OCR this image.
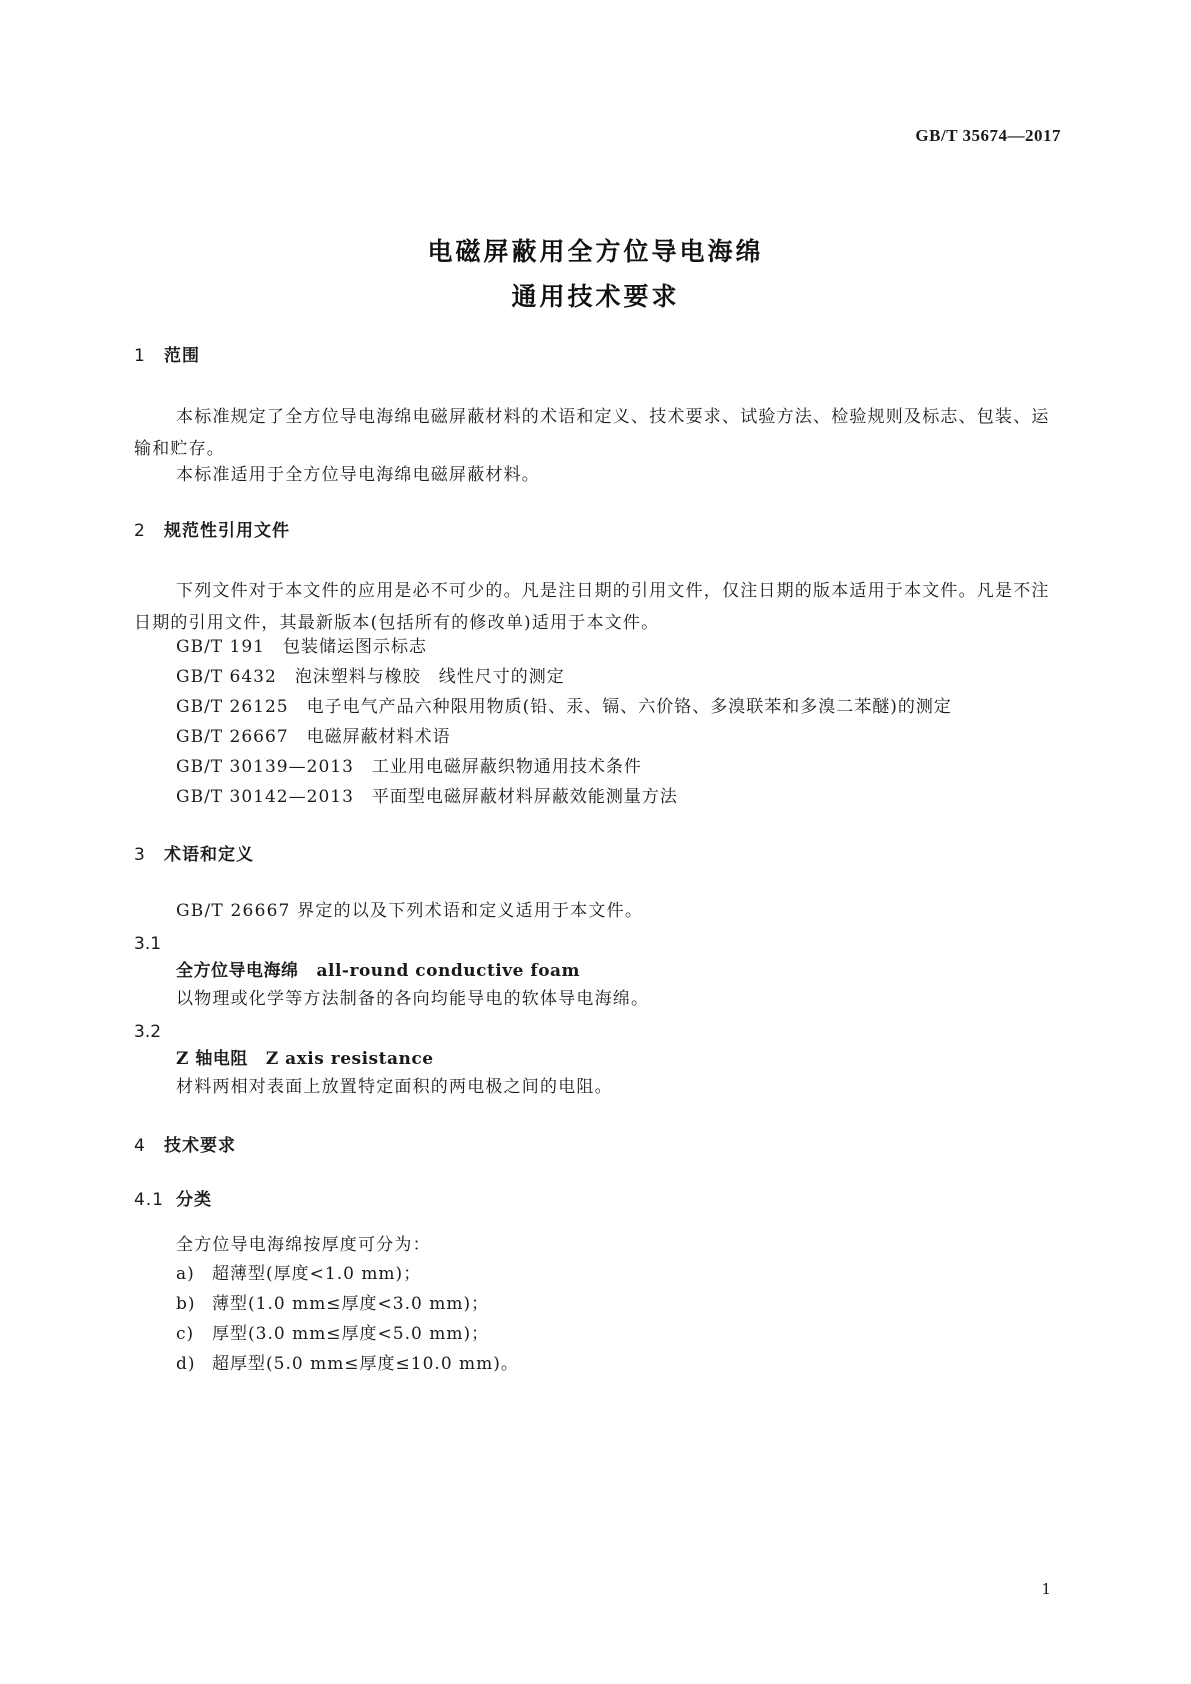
GB/T 35674—2017
电磁屏蔽用全方位导电海绵
通用技术要求
1 范围
本标准规定了全方位导电海绵电磁屏蔽材料的术语和定义、技术要求、试验方法、检验规则及标志、包装、运输和贮存。
本标准适用于全方位导电海绵电磁屏蔽材料。
2 规范性引用文件
下列文件对于本文件的应用是必不可少的。凡是注日期的引用文件，仅注日期的版本适用于本文件。凡是不注日期的引用文件，其最新版本(包括所有的修改单)适用于本文件。
GB/T 191 包装储运图示标志
GB/T 6432 泡沫塑料与橡胶　线性尺寸的测定
GB/T 26125 电子电气产品六种限用物质(铅、汞、镉、六价铬、多溴联苯和多溴二苯醚)的测定
GB/T 26667 电磁屏蔽材料术语
GB/T 30139—2013 工业用电磁屏蔽织物通用技术条件
GB/T 30142—2013 平面型电磁屏蔽材料屏蔽效能测量方法
3 术语和定义
GB/T 26667 界定的以及下列术语和定义适用于本文件。
3.1
全方位导电海绵 all-round conductive foam
以物理或化学等方法制备的各向均能导电的软体导电海绵。
3.2
Z 轴电阻 Z axis resistance
材料两相对表面上放置特定面积的两电极之间的电阻。
4 技术要求
4.1 分类
全方位导电海绵按厚度可分为：
a) 超薄型(厚度<1.0 mm)；
b) 薄型(1.0 mm≤厚度<3.0 mm)；
c) 厚型(3.0 mm≤厚度<5.0 mm)；
d) 超厚型(5.0 mm≤厚度≤10.0 mm)。
1
